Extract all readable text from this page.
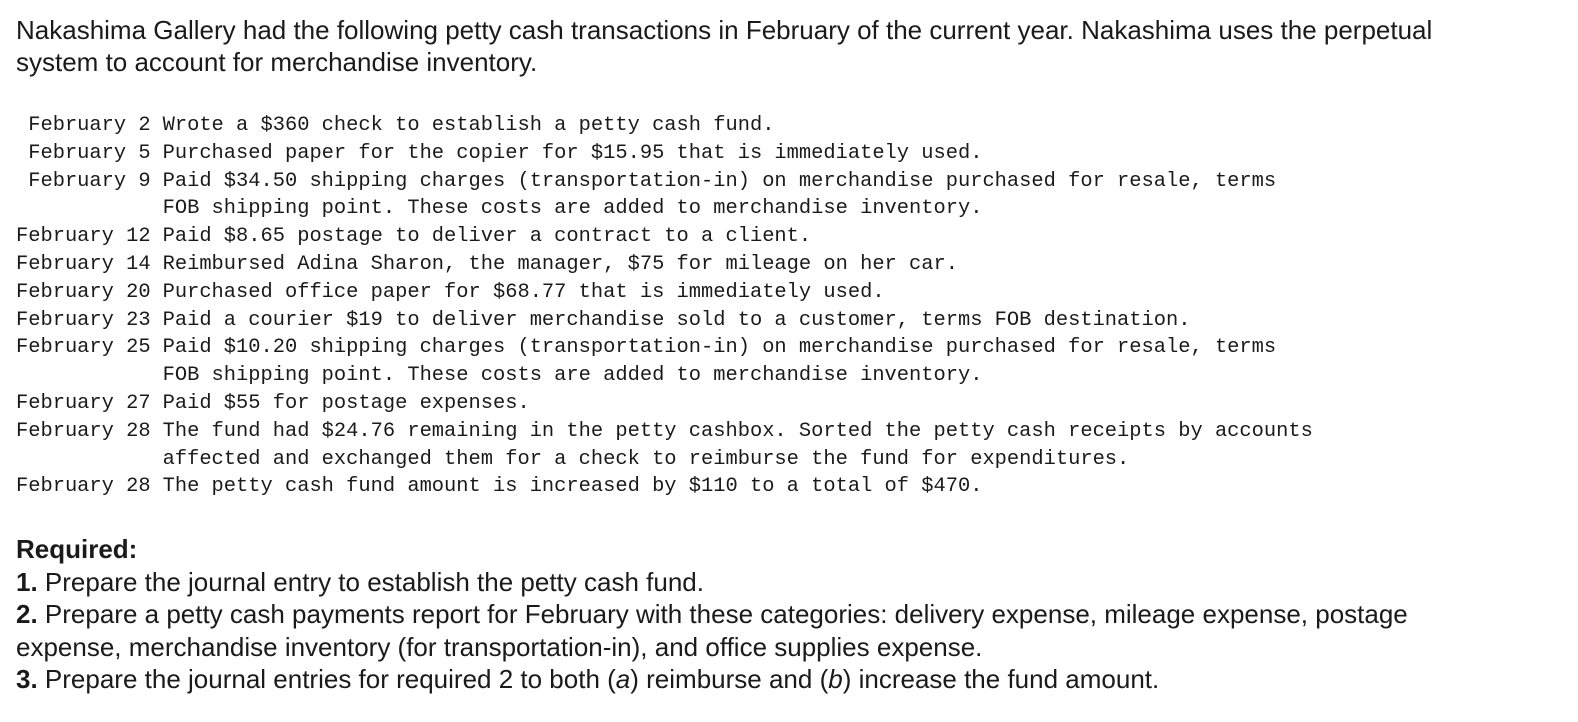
Nakashima Gallery had the following petty cash transactions in February of the current year. Nakashima uses the perpetual system to account for merchandise inventory.

February 2	Wrote a $360 check to establish a petty cash fund.
February 5	Purchased paper for the copier for $15.95 that is immediately used.
February 9	Paid $34.50 shipping charges (transportation-in) on merchandise purchased for resale, terms
FOB shipping point. These costs are added to merchandise inventory.
February 12	Paid $8.65 postage to deliver a contract to a client.
February 14	Reimbursed Adina Sharon, the manager, $75 for mileage on her car.
February 20	Purchased office paper for $68.77 that is immediately used.
February 23	Paid a courier $19 to deliver merchandise sold to a customer, terms FOB destination.
February 25	Paid $10.20 shipping charges (transportation-in) on merchandise purchased for resale, terms
FOB shipping point. These costs are added to merchandise inventory.
February 27	Paid $55 for postage expenses.
February 28	The fund had $24.76 remaining in the petty cashbox. Sorted the petty cash receipts by accounts
affected and exchanged them for a check to reimburse the fund for expenditures.
February 28	The petty cash fund amount is increased by $110 to a total of $470.
Required:
1. Prepare the journal entry to establish the petty cash fund.
2. Prepare a petty cash payments report for February with these categories: delivery expense, mileage expense, postage expense, merchandise inventory (for transportation-in), and office supplies expense.
3. Prepare the journal entries for required 2 to both (a) reimburse and (b) increase the fund amount.
